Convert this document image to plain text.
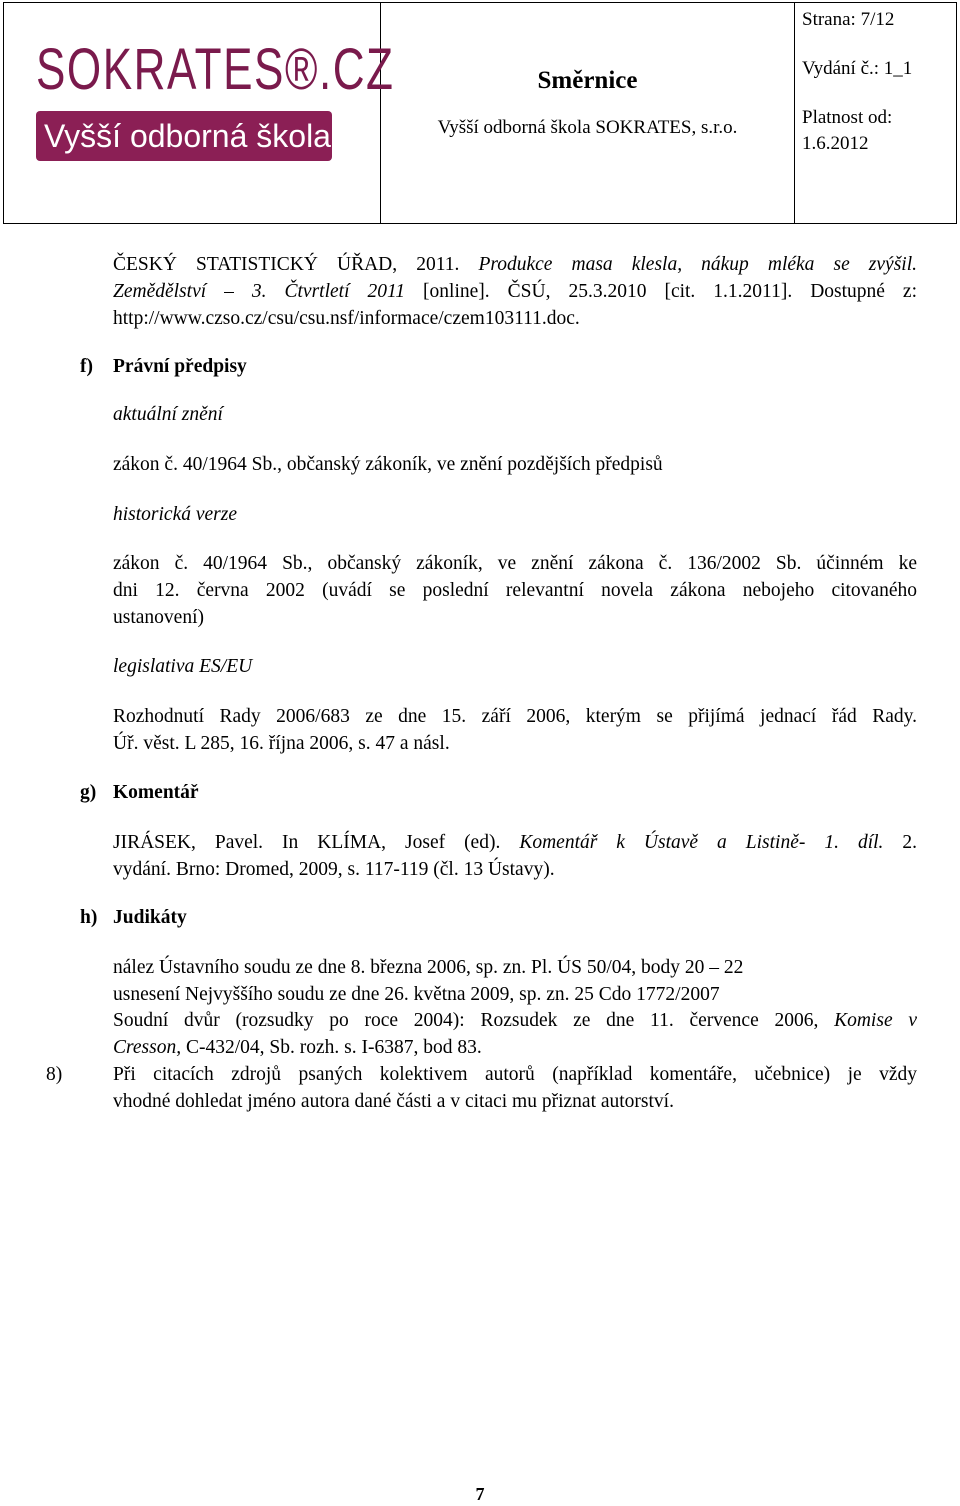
SOKRATES®.CZ
Vyšší odborná škola
Směrnice
Vyšší odborná škola SOKRATES, s.r.o.
Strana: 7/12
Vydání č.: 1_1
Platnost od:
1.6.2012
ČESKÝ STATISTICKÝ ÚŘAD, 2011. Produkce masa klesla, nákup mléka se zvýšil.
Zemědělství – 3. Čtvrtletí 2011 [online]. ČSÚ, 25.3.2010 [cit. 1.1.2011]. Dostupné z:
http://www.czso.cz/csu/csu.nsf/informace/czem103111.doc.
f) Právní předpisy
aktuální znění
zákon č. 40/1964 Sb., občanský zákoník, ve znění pozdějších předpisů
historická verze
zákon č. 40/1964 Sb., občanský zákoník, ve znění zákona č. 136/2002 Sb. účinném ke
dni 12. června 2002 (uvádí se poslední relevantní novela zákona nebojeho citovaného
ustanovení)
legislativa ES/EU
Rozhodnutí Rady 2006/683 ze dne 15. září 2006, kterým se přijímá jednací řád Rady.
Úř. věst. L 285, 16. října 2006, s. 47 a násl.
g) Komentář
JIRÁSEK, Pavel. In KLÍMA, Josef (ed). Komentář k Ústavě a Listině- 1. díl. 2.
vydání. Brno: Dromed, 2009, s. 117-119 (čl. 13 Ústavy).
h) Judikáty
nález Ústavního soudu ze dne 8. března 2006, sp. zn. Pl. ÚS 50/04, body 20 – 22
usnesení Nejvyššího soudu ze dne 26. května 2009, sp. zn. 25 Cdo 1772/2007
Soudní dvůr (rozsudky po roce 2004): Rozsudek ze dne 11. července 2006, Komise v
Cresson, C-432/04, Sb. rozh. s. I-6387, bod 83.
8)	Při citacích zdrojů psaných kolektivem autorů (například komentáře, učebnice) je vždy
vhodné dohledat jméno autora dané části a v citaci mu přiznat autorství.
7
